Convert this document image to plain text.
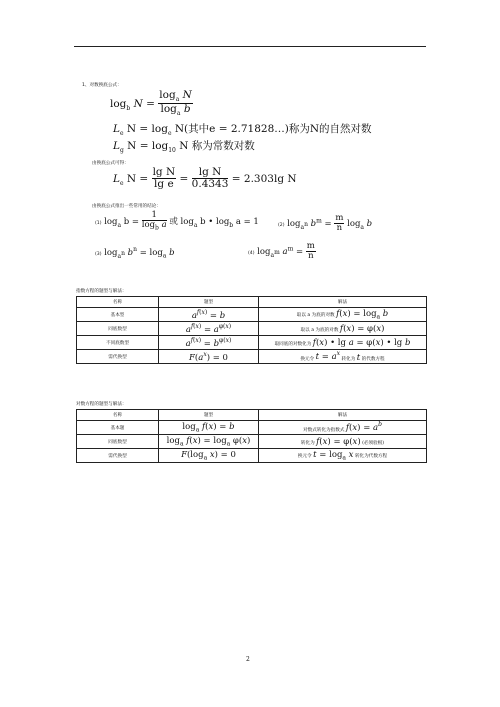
1、对数换底公式：
$\log_b N = \frac{\log_a N}{\log_a b}$
$L_e$ $N = \log_e N$(其中e = 2.71828…)称为N的自然对数
$L_g$ $N = \log_{10} N$ 称为常数对数
由换底公式可得：
$L_e$ $N = \frac{\text{lg N}}{\text{lg e}} = \frac{\text{lg N}}{0.4343} = 2.303\lg$ N
由换底公式推出一些常用的结论：
(1) $\log_a b = \frac{1}{\log_b a}$ 或 $\log_a b$ • $\log_b a = 1$	(2) $\log_{a^n} b^m = \frac{m}{n} \log_a b$
(3) $\log_{a^n} b^n = \log_a b$	(4) $\log_{a^m} a^m = \frac{m}{n}$
指数方程的题型与解法：
名称	题型	解法
基本型	$a^{f(x)} = b$	取以 a 为底的对数 $f(x) = \log_a b$
同底数型	$a^{f(x)} = a^{\varphi(x)}$	取以 a 为底的对数 f(x) = φ(x)
不同底数型	$a^{f(x)} = b^{\varphi(x)}$	取同底的对数化为 f(x) • lg a = φ(x) • lg b
需代换型	$F(a^x) = 0$	换元令 $t = a^x$ 转化为 t 的代数方程
对数方程的题型与解法：
名称	题型	解法
基本题	$\log_a f(x) = b$	对数式转化为指数式 $f(x) = a^b$
同底数型	$\log_a f(x) = \log_a \varphi(x)$	转化为 f(x) = φ(x) (必须验根)
需代换型	$F(\log_a$ x) = 0	换元令 $t = \log_a x$ 转化为代数方程
2
